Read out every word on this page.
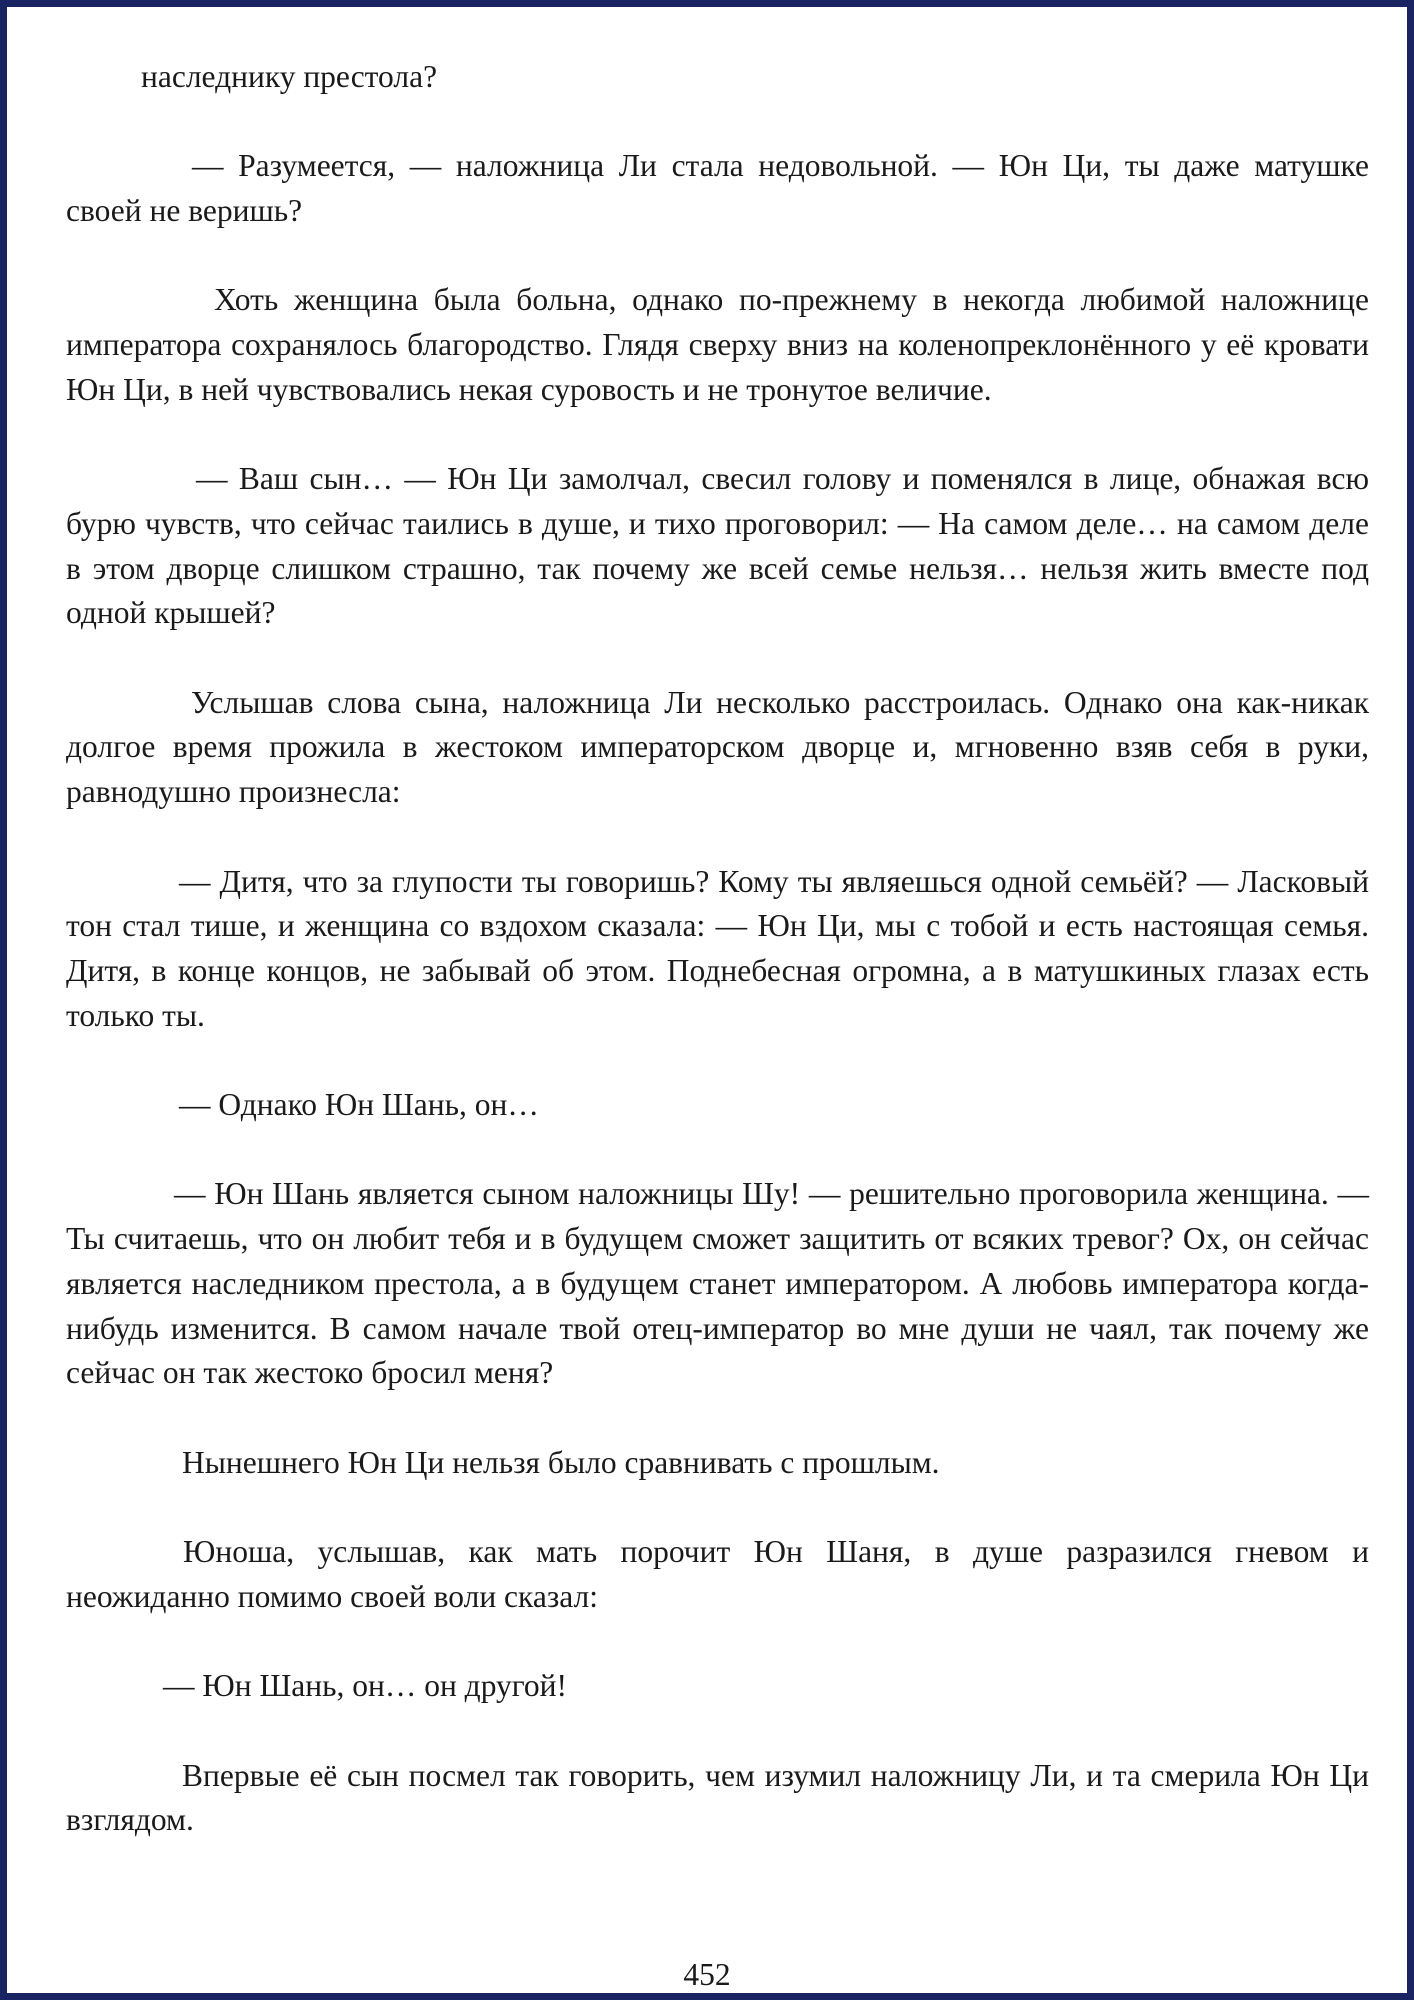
наследнику престола?

— Разумеется, — наложница Ли стала недовольной. — Юн Ци, ты даже матушке своей не веришь?

Хоть женщина была больна, однако по-прежнему в некогда любимой наложнице императора сохранялось благородство. Глядя сверху вниз на коленопреклонённого у её кровати Юн Ци, в ней чувствовались некая суровость и не тронутое величие.

— Ваш сын… — Юн Ци замолчал, свесил голову и поменялся в лице, обнажая всю бурю чувств, что сейчас таились в душе, и тихо проговорил: — На самом деле… на самом деле в этом дворце слишком страшно, так почему же всей семье нельзя… нельзя жить вместе под одной крышей?

Услышав слова сына, наложница Ли несколько расстроилась. Однако она как-никак долгое время прожила в жестоком императорском дворце и, мгновенно взяв себя в руки, равнодушно произнесла:

— Дитя, что за глупости ты говоришь? Кому ты являешься одной семьёй? — Ласковый тон стал тише, и женщина со вздохом сказала: — Юн Ци, мы с тобой и есть настоящая семья. Дитя, в конце концов, не забывай об этом. Поднебесная огромна, а в матушкиных глазах есть только ты.

— Однако Юн Шань, он…

— Юн Шань является сыном наложницы Шу! — решительно проговорила женщина. — Ты считаешь, что он любит тебя и в будущем сможет защитить от всяких тревог? Ох, он сейчас является наследником престола, а в будущем станет императором. А любовь императора когда-нибудь изменится. В самом начале твой отец-император во мне души не чаял, так почему же сейчас он так жестоко бросил меня?

Нынешнего Юн Ци нельзя было сравнивать с прошлым.

Юноша, услышав, как мать порочит Юн Шаня, в душе разразился гневом и неожиданно помимо своей воли сказал:

— Юн Шань, он… он другой!

Впервые её сын посмел так говорить, чем изумил наложницу Ли, и та смерила Юн Ци взглядом.

452
